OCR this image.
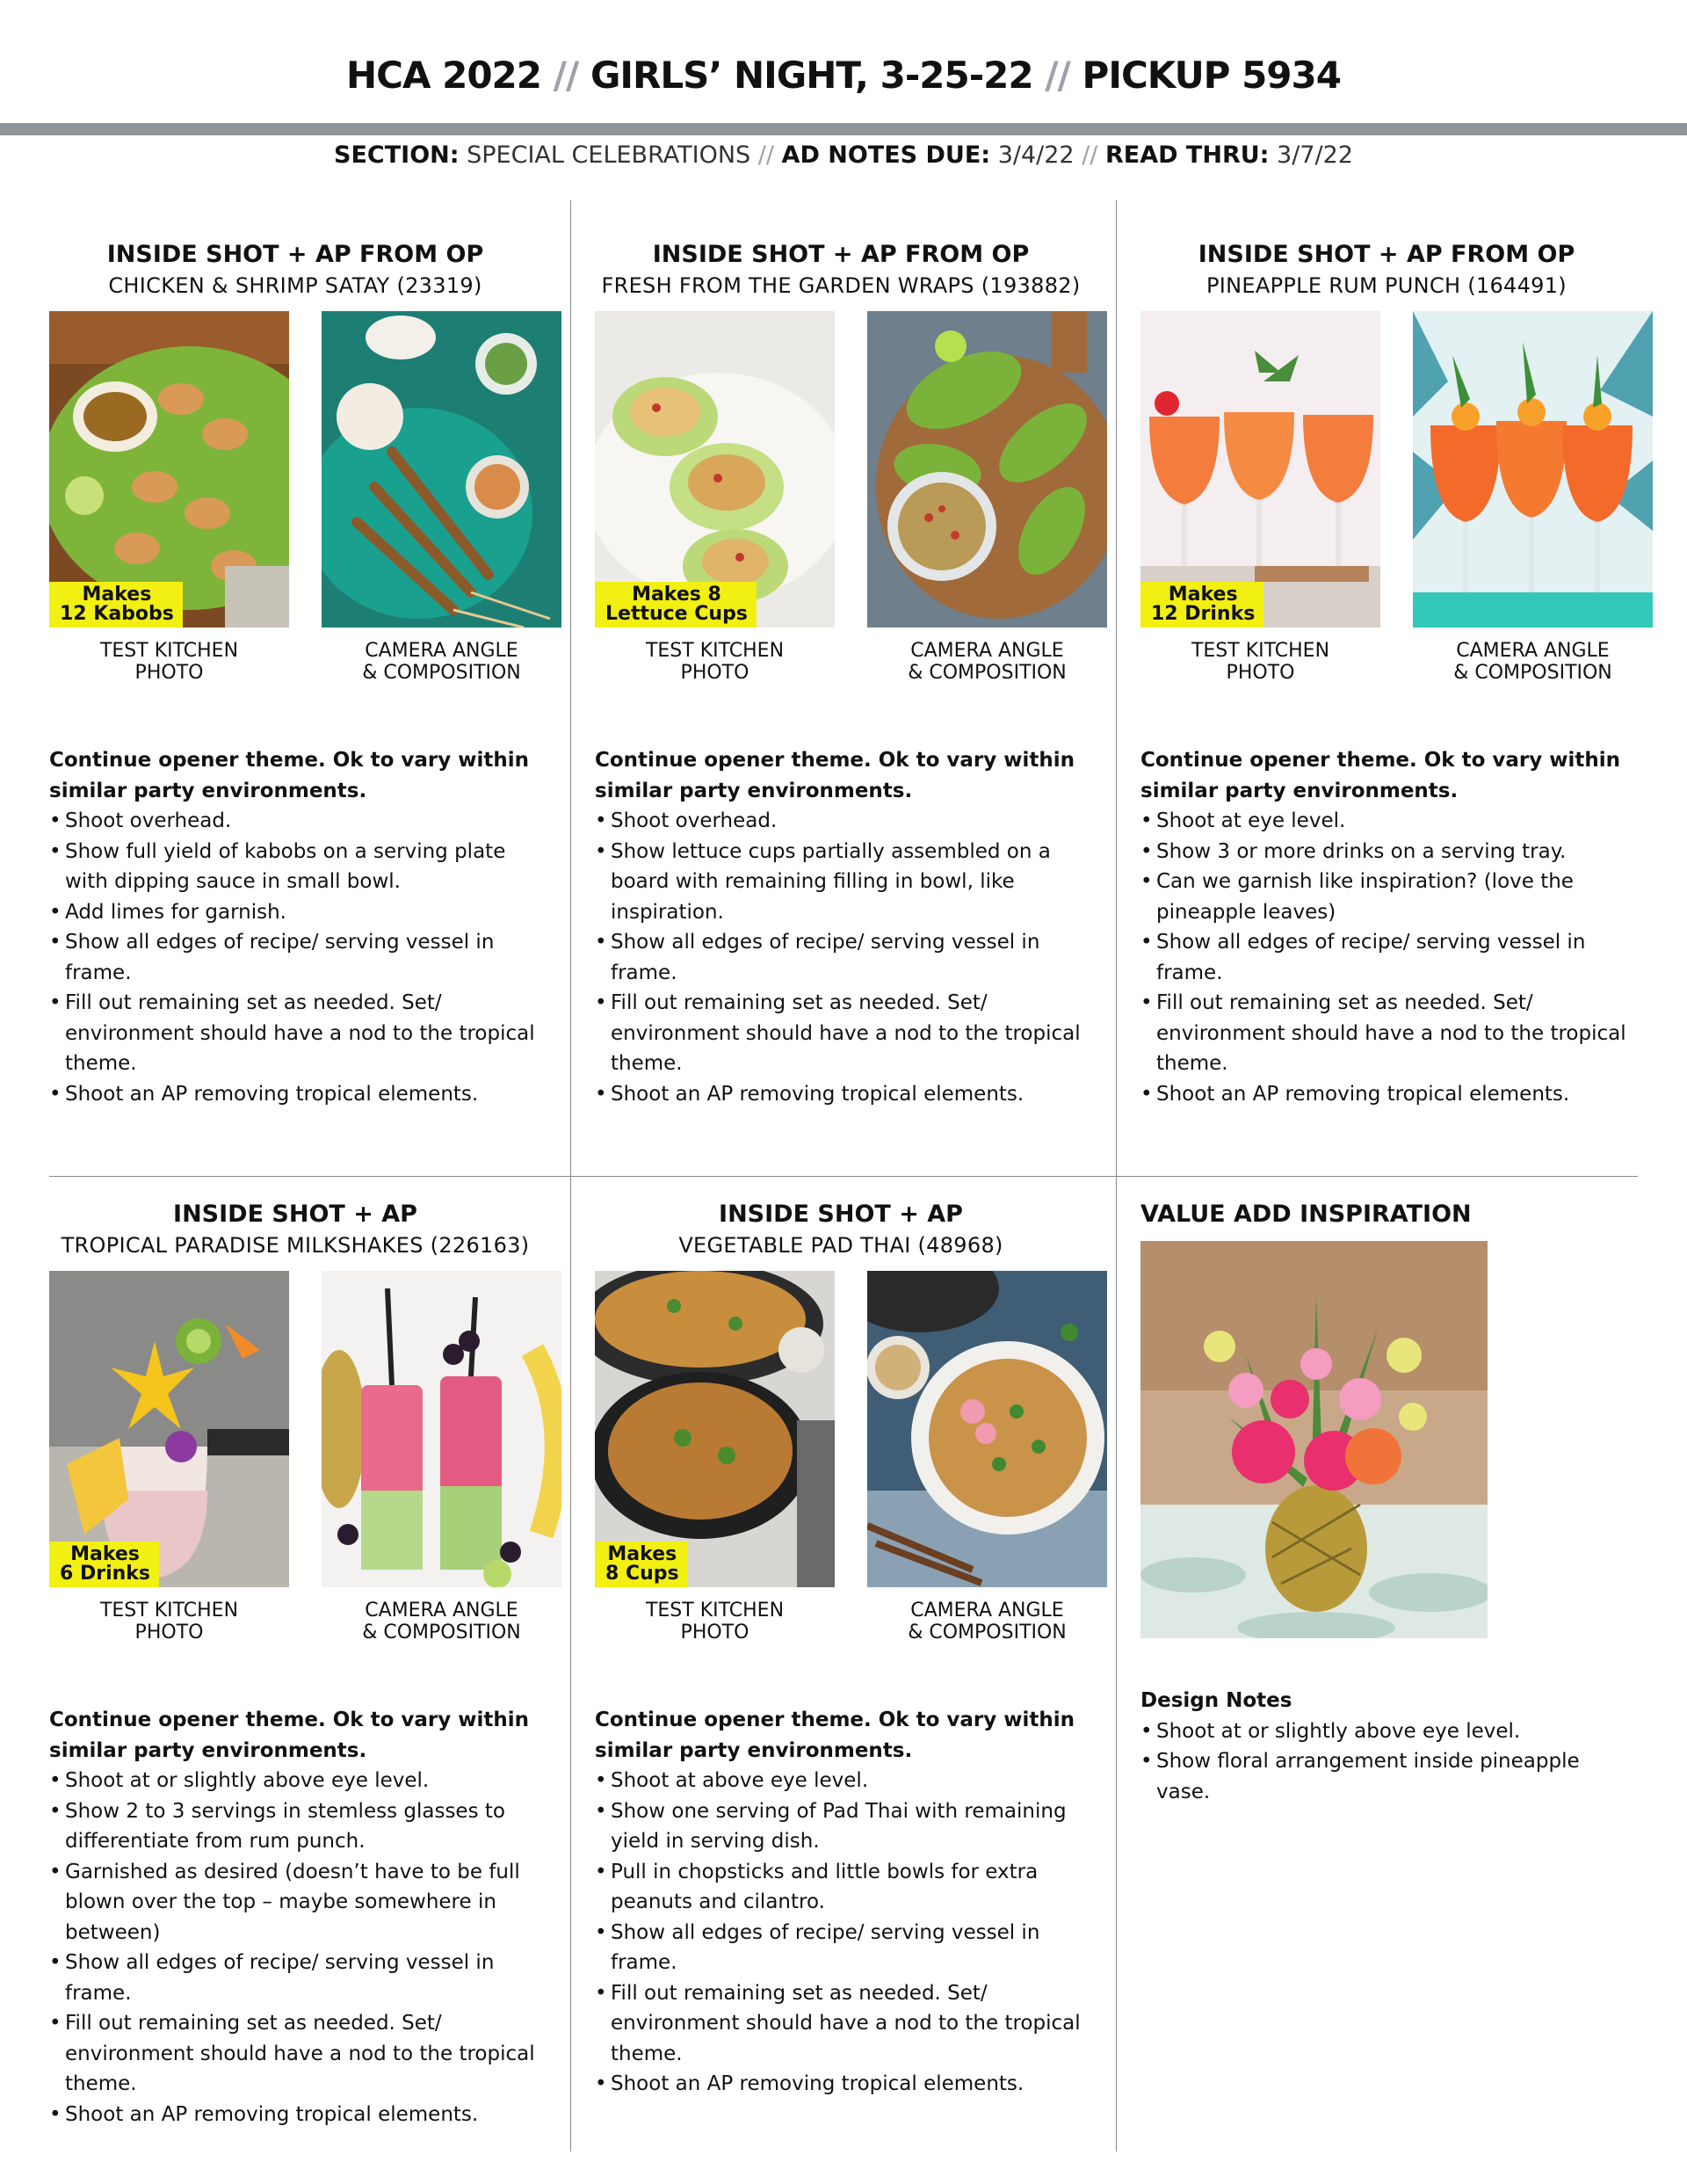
HCA 2022 // GIRLS’ NIGHT, 3-25-22 // PICKUP 5934
SECTION: SPECIAL CELEBRATIONS // AD NOTES DUE: 3/4/22 // READ THRU: 3/7/22
INSIDE SHOT + AP FROM OP
CHICKEN & SHRIMP SATAY (23319)
Makes
12 Kabobs
TEST KITCHEN
PHOTO
CAMERA ANGLE
& COMPOSITION
Continue opener theme. Ok to vary within similar party environments.
• Shoot overhead.
• Show full yield of kabobs on a serving plate with dipping sauce in small bowl.
• Add limes for garnish.
• Show all edges of recipe/ serving vessel in frame.
• Fill out remaining set as needed. Set/ environment should have a nod to the tropical theme.
• Shoot an AP removing tropical elements.
INSIDE SHOT + AP FROM OP
FRESH FROM THE GARDEN WRAPS (193882)
Makes 8
Lettuce Cups
TEST KITCHEN
PHOTO
CAMERA ANGLE
& COMPOSITION
Continue opener theme. Ok to vary within similar party environments.
• Shoot overhead.
• Show lettuce cups partially assembled on a board with remaining filling in bowl, like inspiration.
• Show all edges of recipe/ serving vessel in frame.
• Fill out remaining set as needed. Set/ environment should have a nod to the tropical theme.
• Shoot an AP removing tropical elements.
INSIDE SHOT + AP FROM OP
PINEAPPLE RUM PUNCH (164491)
Makes
12 Drinks
TEST KITCHEN
PHOTO
CAMERA ANGLE
& COMPOSITION
Continue opener theme. Ok to vary within similar party environments.
• Shoot at eye level.
• Show 3 or more drinks on a serving tray.
• Can we garnish like inspiration? (love the pineapple leaves)
• Show all edges of recipe/ serving vessel in frame.
• Fill out remaining set as needed. Set/ environment should have a nod to the tropical theme.
• Shoot an AP removing tropical elements.
INSIDE SHOT + AP
TROPICAL PARADISE MILKSHAKES (226163)
Makes
6 Drinks
TEST KITCHEN
PHOTO
CAMERA ANGLE
& COMPOSITION
Continue opener theme. Ok to vary within similar party environments.
• Shoot at or slightly above eye level.
• Show 2 to 3 servings in stemless glasses to differentiate from rum punch.
• Garnished as desired (doesn’t have to be full blown over the top – maybe somewhere in between)
• Show all edges of recipe/ serving vessel in frame.
• Fill out remaining set as needed. Set/ environment should have a nod to the tropical theme.
• Shoot an AP removing tropical elements.
INSIDE SHOT + AP
VEGETABLE PAD THAI (48968)
Makes
8 Cups
TEST KITCHEN
PHOTO
CAMERA ANGLE
& COMPOSITION
Continue opener theme. Ok to vary within similar party environments.
• Shoot at above eye level.
• Show one serving of Pad Thai with remaining yield in serving dish.
• Pull in chopsticks and little bowls for extra peanuts and cilantro.
• Show all edges of recipe/ serving vessel in frame.
• Fill out remaining set as needed. Set/ environment should have a nod to the tropical theme.
• Shoot an AP removing tropical elements.
VALUE ADD INSPIRATION
Design Notes
• Shoot at or slightly above eye level.
• Show floral arrangement inside pineapple vase.
